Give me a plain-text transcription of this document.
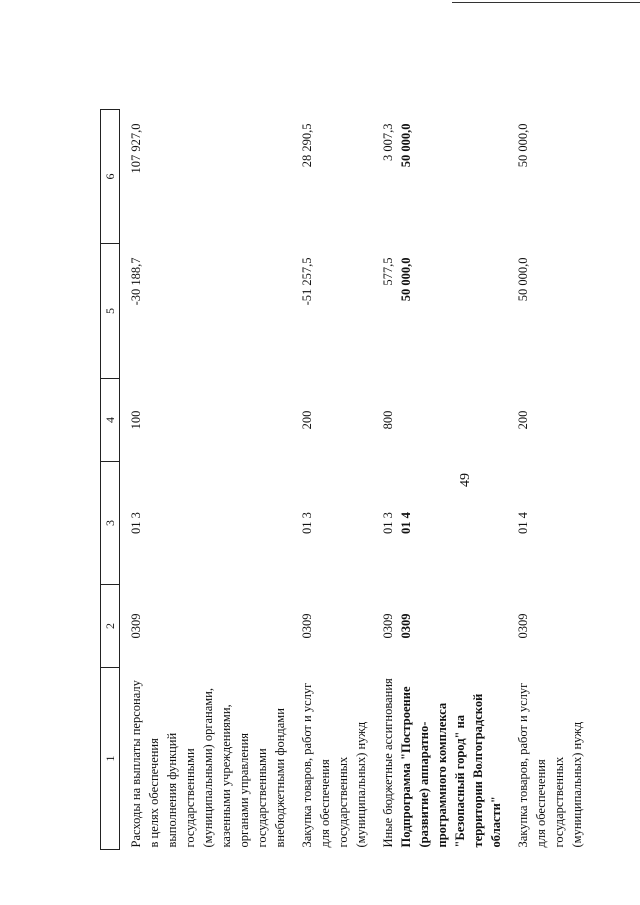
49
1	2	3	4	5	6
Расходы на выплаты персоналу в целях обеспечения выполнения функций государственными (муниципальными) органами, казенными учреждениями, органами управления государственными внебюджетными фондами	0309	01 3	100	-30 188,7	107 927,0
Закупка товаров, работ и услуг для обеспечения государственных (муниципальных) нужд	0309	01 3	200	-51 257,5	28 290,5
Иные бюджетные ассигнования	0309	01 3	800	577,5	3 007,3
Подпрограмма "Построение (развитие) аппаратно-программного комплекса "Безопасный город" на территории Волгоградской области"	0309	01 4		50 000,0	50 000,0
Закупка товаров, работ и услуг для обеспечения государственных (муниципальных) нужд	0309	01 4	200	50 000,0	50 000,0
